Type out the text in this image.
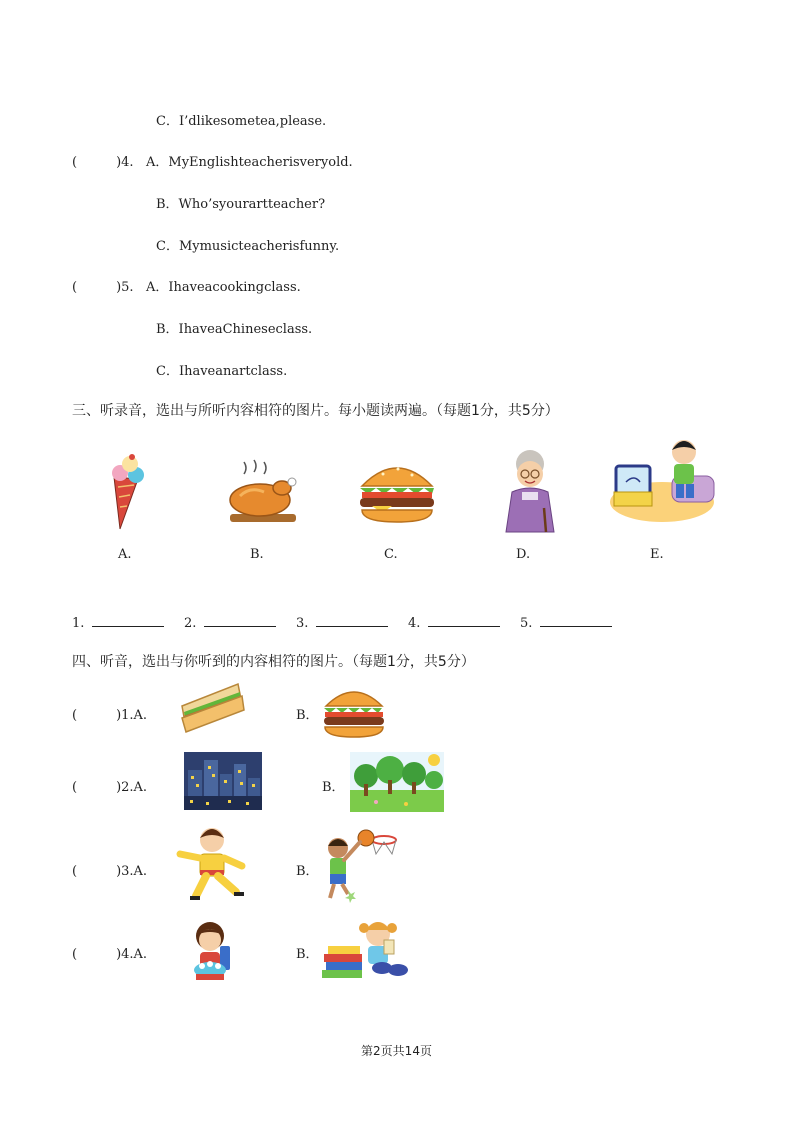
C．I’dlikesometea,please.
(　　　)4. A．MyEnglishteacherisveryold.
B．Who’syourartteacher?
C．Mymusicteacherisfunny.
(　　　)5. A．Ihaveacookingclass.
B．IhaveaChineseclass.
C．Ihaveanartclass.
三、听录音，选出与所听内容相符的图片。每小题读两遍。（每题1分，共5分）
A.	B.	C.	D.	E.
1.	2.	3.	4.	5.
四、听音，选出与你听到的内容相符的图片。（每题1分，共5分）
(　　　)1.A.	B．
(　　　)2.A.	B．
(　　　)3.A.	B．
(　　　)4.A.	B．
第2页共14页
